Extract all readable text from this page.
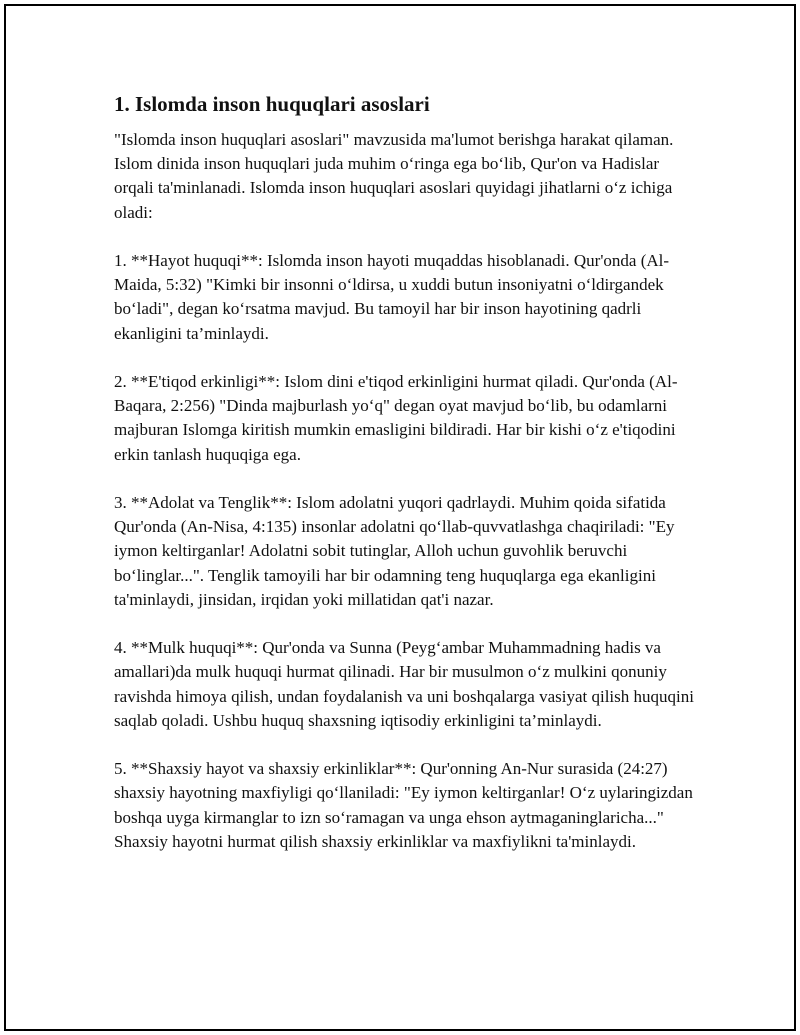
1. Islomda inson huquqlari asoslari

"Islomda inson huquqlari asoslari" mavzusida ma'lumot berishga harakat qilaman. Islom dinida inson huquqlari juda muhim o‘ringa ega bo‘lib, Qur'on va Hadislar orqali ta'minlanadi. Islomda inson huquqlari asoslari quyidagi jihatlarni o‘z ichiga oladi:

1. **Hayot huquqi**: Islomda inson hayoti muqaddas hisoblanadi. Qur'onda (Al-Maida, 5:32) "Kimki bir insonni o‘ldirsa, u xuddi butun insoniyatni o‘ldirgandek bo‘ladi", degan ko‘rsatma mavjud. Bu tamoyil har bir inson hayotining qadrli ekanligini ta’minlaydi.

2. **E'tiqod erkinligi**: Islom dini e'tiqod erkinligini hurmat qiladi. Qur'onda (Al-Baqara, 2:256) "Dinda majburlash yo‘q" degan oyat mavjud bo‘lib, bu odamlarni majburan Islomga kiritish mumkin emasligini bildiradi. Har bir kishi o‘z e'tiqodini erkin tanlash huquqiga ega.

3. **Adolat va Tenglik**: Islom adolatni yuqori qadrlaydi. Muhim qoida sifatida Qur'onda (An-Nisa, 4:135) insonlar adolatni qo‘llab-quvvatlashga chaqiriladi: "Ey iymon keltirganlar! Adolatni sobit tutinglar, Alloh uchun guvohlik beruvchi bo‘linglar...". Tenglik tamoyili har bir odamning teng huquqlarga ega ekanligini ta'minlaydi, jinsidan, irqidan yoki millatidan qat'i nazar.

4. **Mulk huquqi**: Qur'onda va Sunna (Peyg‘ambar Muhammadning hadis va amallari)da mulk huquqi hurmat qilinadi. Har bir musulmon o‘z mulkini qonuniy ravishda himoya qilish, undan foydalanish va uni boshqalarga vasiyat qilish huquqini saqlab qoladi. Ushbu huquq shaxsning iqtisodiy erkinligini ta’minlaydi.

5. **Shaxsiy hayot va shaxsiy erkinliklar**: Qur'onning An-Nur surasida (24:27) shaxsiy hayotning maxfiyligi qo‘llaniladi: "Ey iymon keltirganlar! O‘z uylaringizdan boshqa uyga kirmanglar to izn so‘ramagan va unga ehson aytmaganinglaricha..." Shaxsiy hayotni hurmat qilish shaxsiy erkinliklar va maxfiylikni ta'minlaydi.
